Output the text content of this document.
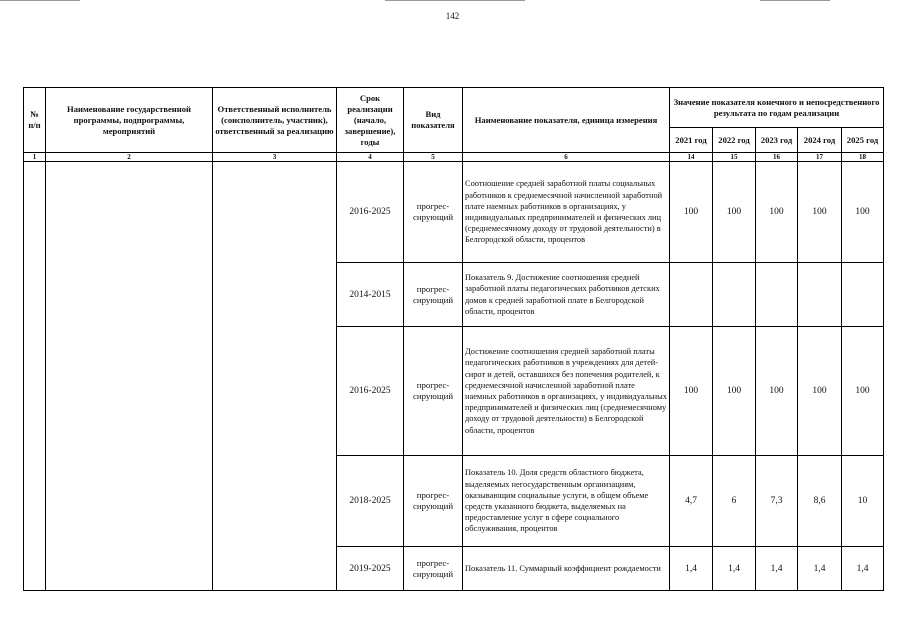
142
№ п/п	Наименование государственной программы, подпрограммы, мероприятий	Ответственный исполнитель (соисполнитель, участник), ответственный за реализацию	Срок реализации (начало, завершение), годы	Вид показателя	Наименование показателя, единица измерения	Значение показателя конечного и непосредственного результата по годам реализации				
						2021 год	2022 год	2023 год	2024 год	2025 год
1	2	3	4	5	6	14	15	16	17	18
			2016-2025	прогрес-сирующий	Соотношение средней заработной платы социальных работников к среднемесячной начисленной заработной плате наемных работников в организациях, у индивидуальных предпринимателей и физических лиц (среднемесячному доходу от трудовой деятельности) в Белгородской области, процентов	100	100	100	100	100
			2014-2015	прогрес-сирующий	Показатель 9. Достижение соотношения средней заработной платы педагогических работников детских домов к средней заработной плате в Белгородской области, процентов					
			2016-2025	прогрес-сирующий	Достижение соотношения средней заработной платы педагогических работников в учреждениях для детей-сирот и детей, оставшихся без попечения родителей, к среднемесячной начисленной заработной плате наемных работников в организациях, у индивидуальных предпринимателей и физических лиц (среднемесячному доходу от трудовой деятельности) в Белгородской области, процентов	100	100	100	100	100
			2018-2025	прогрес-сирующий	Показатель 10. Доля средств областного бюджета, выделяемых негосударственным организациям, оказывающим социальные услуги, в общем объеме средств указанного бюджета, выделяемых на предоставление услуг в сфере социального обслуживания, процентов	4,7	6	7,3	8,6	10
			2019-2025	прогрес-сирующий	Показатель 11. Суммарный коэффициент рождаемости	1,4	1,4	1,4	1,4	1,4
